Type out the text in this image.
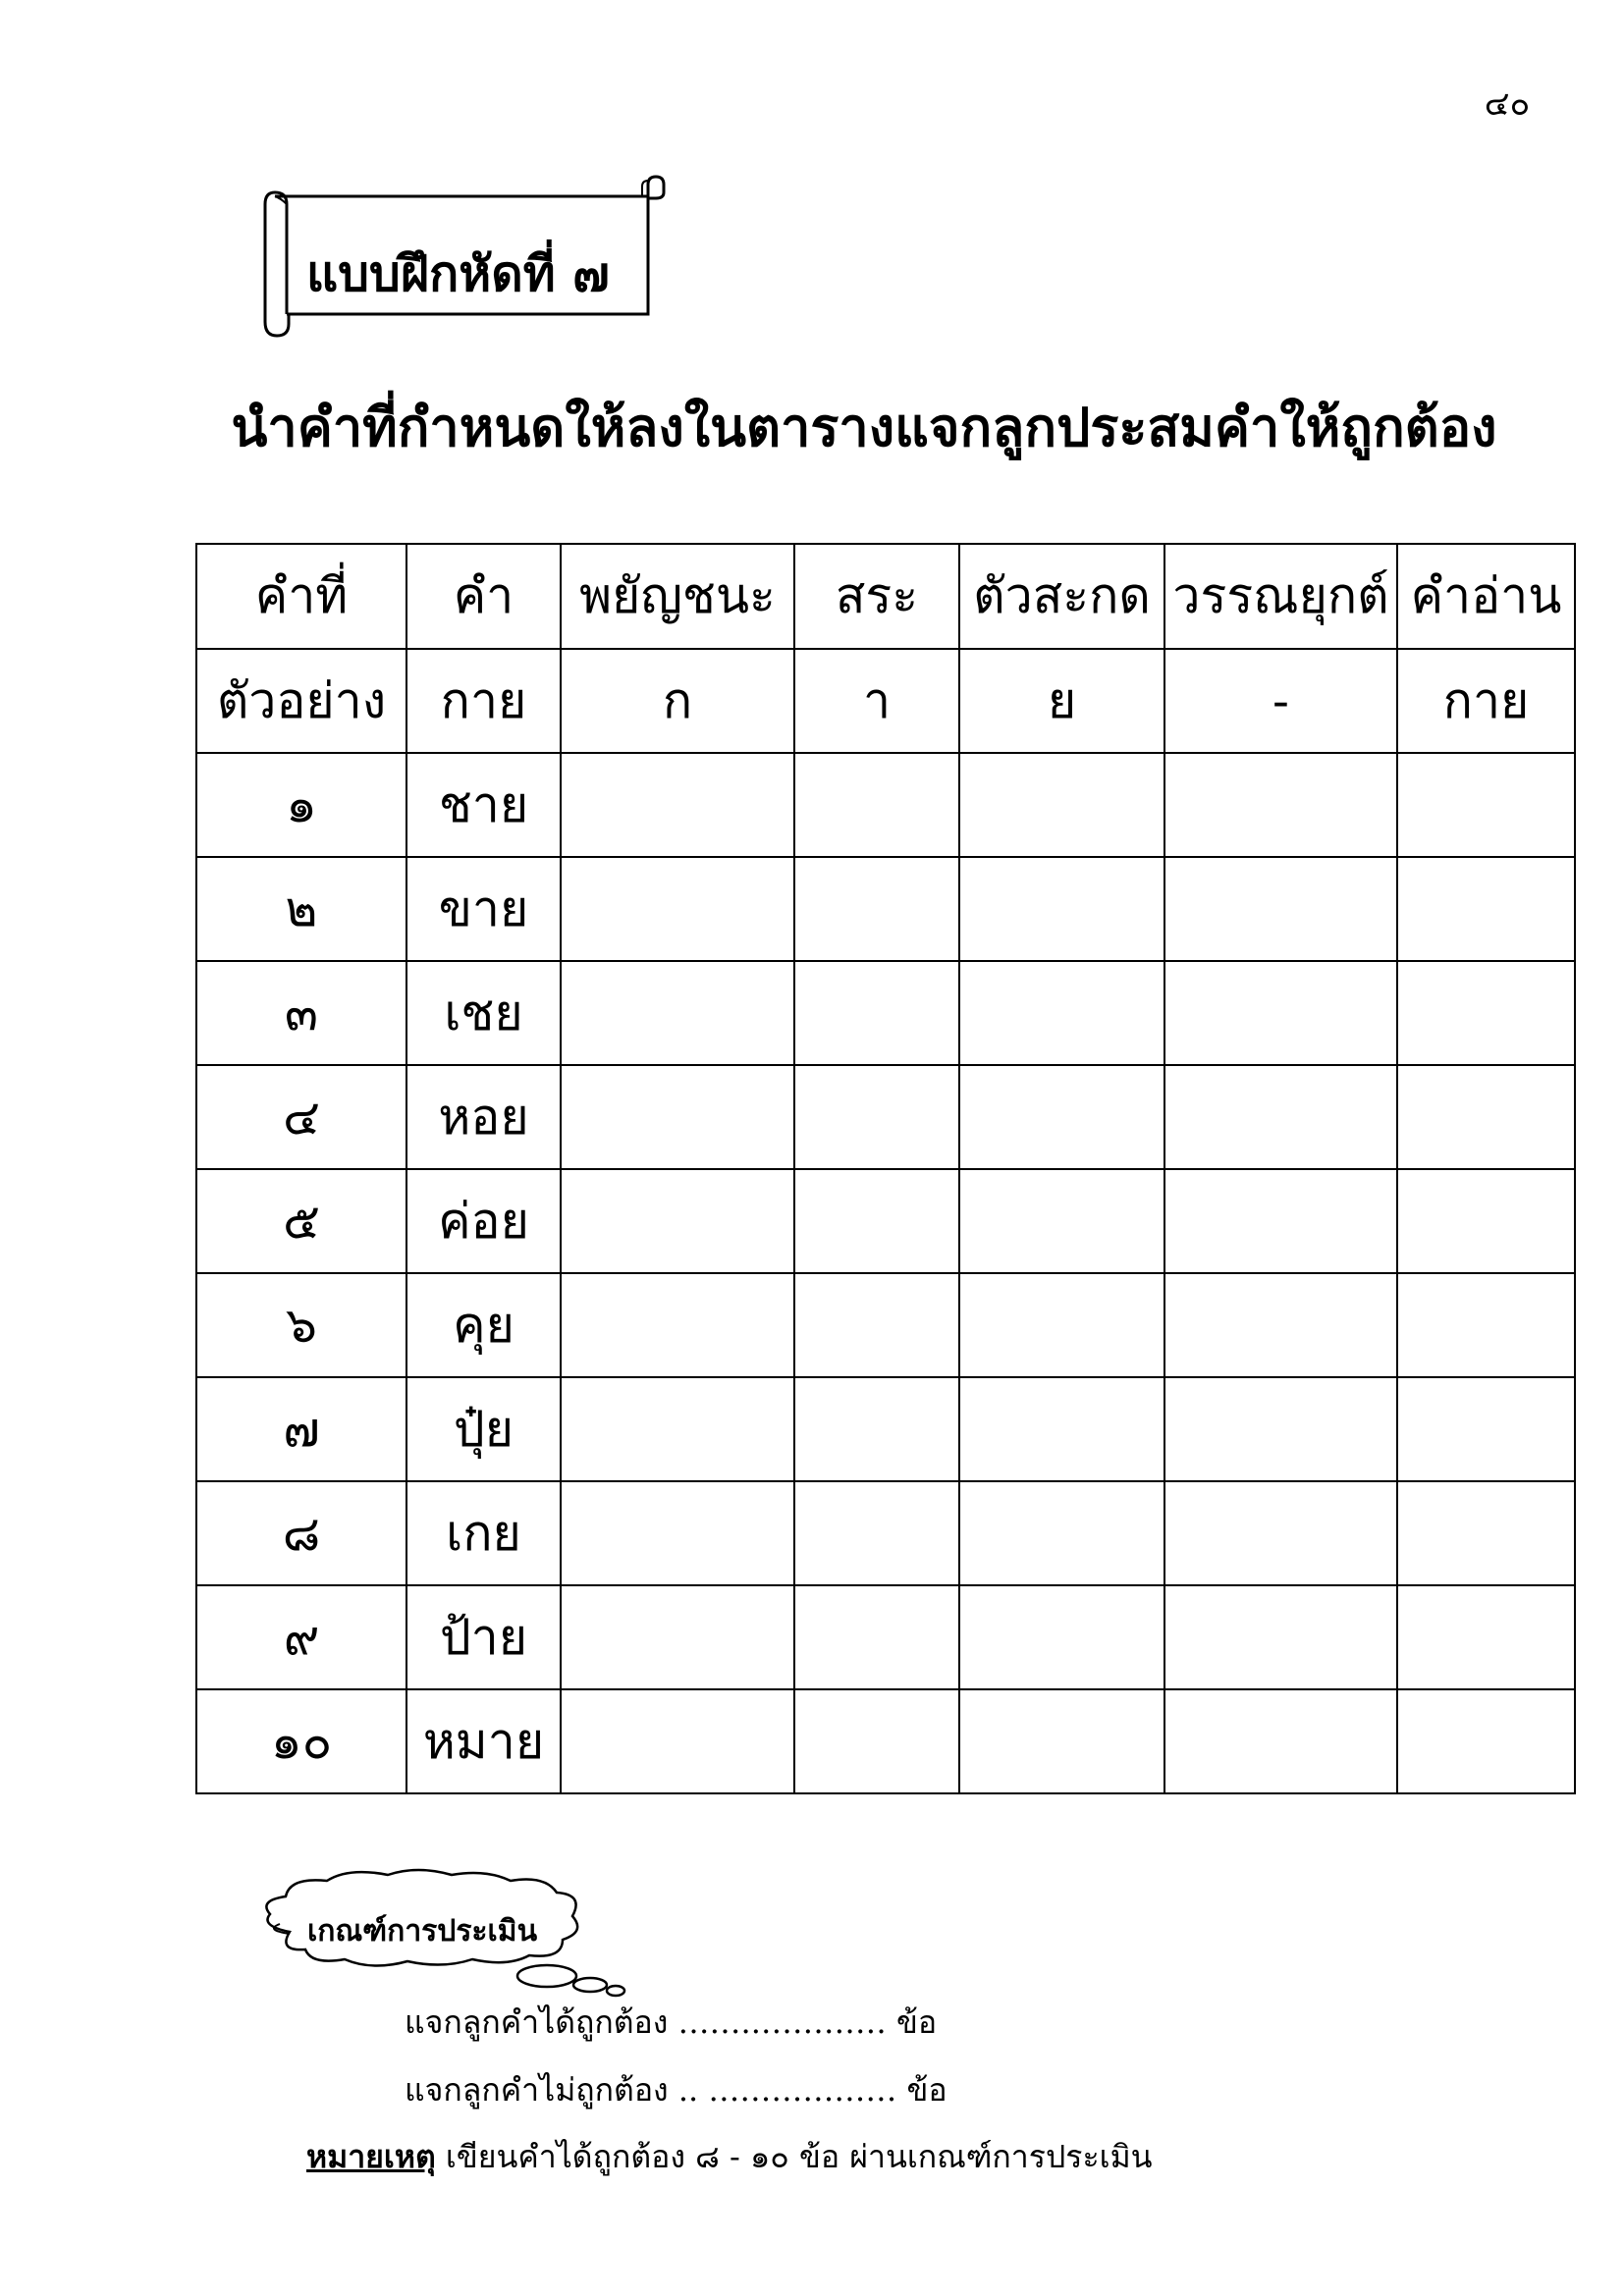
๔๐
แบบฝึกหัดที่ ๗
นำคำที่กำหนดให้ลงในตารางแจกลูกประสมคำให้ถูกต้อง
คำที่	คำ	พยัญชนะ	สระ	ตัวสะกด	วรรณยุกต์	คำอ่าน
ตัวอย่าง	กาย	ก	า	ย	-	กาย
๑	ชาย					
๒	ขาย					
๓	เชย					
๔	หอย					
๕	ค่อย					
๖	คุย					
๗	ปุ๋ย					
๘	เกย					
๙	ป้าย					
๑๐	หมาย					
เกณฑ์การประเมิน
แจกลูกคำได้ถูกต้อง ……..………… ข้อ
แจกลูกคำไม่ถูกต้อง .. ……………… ข้อ
หมายเหตุ เขียนคำได้ถูกต้อง ๘ - ๑๐ ข้อ ผ่านเกณฑ์การประเมิน
